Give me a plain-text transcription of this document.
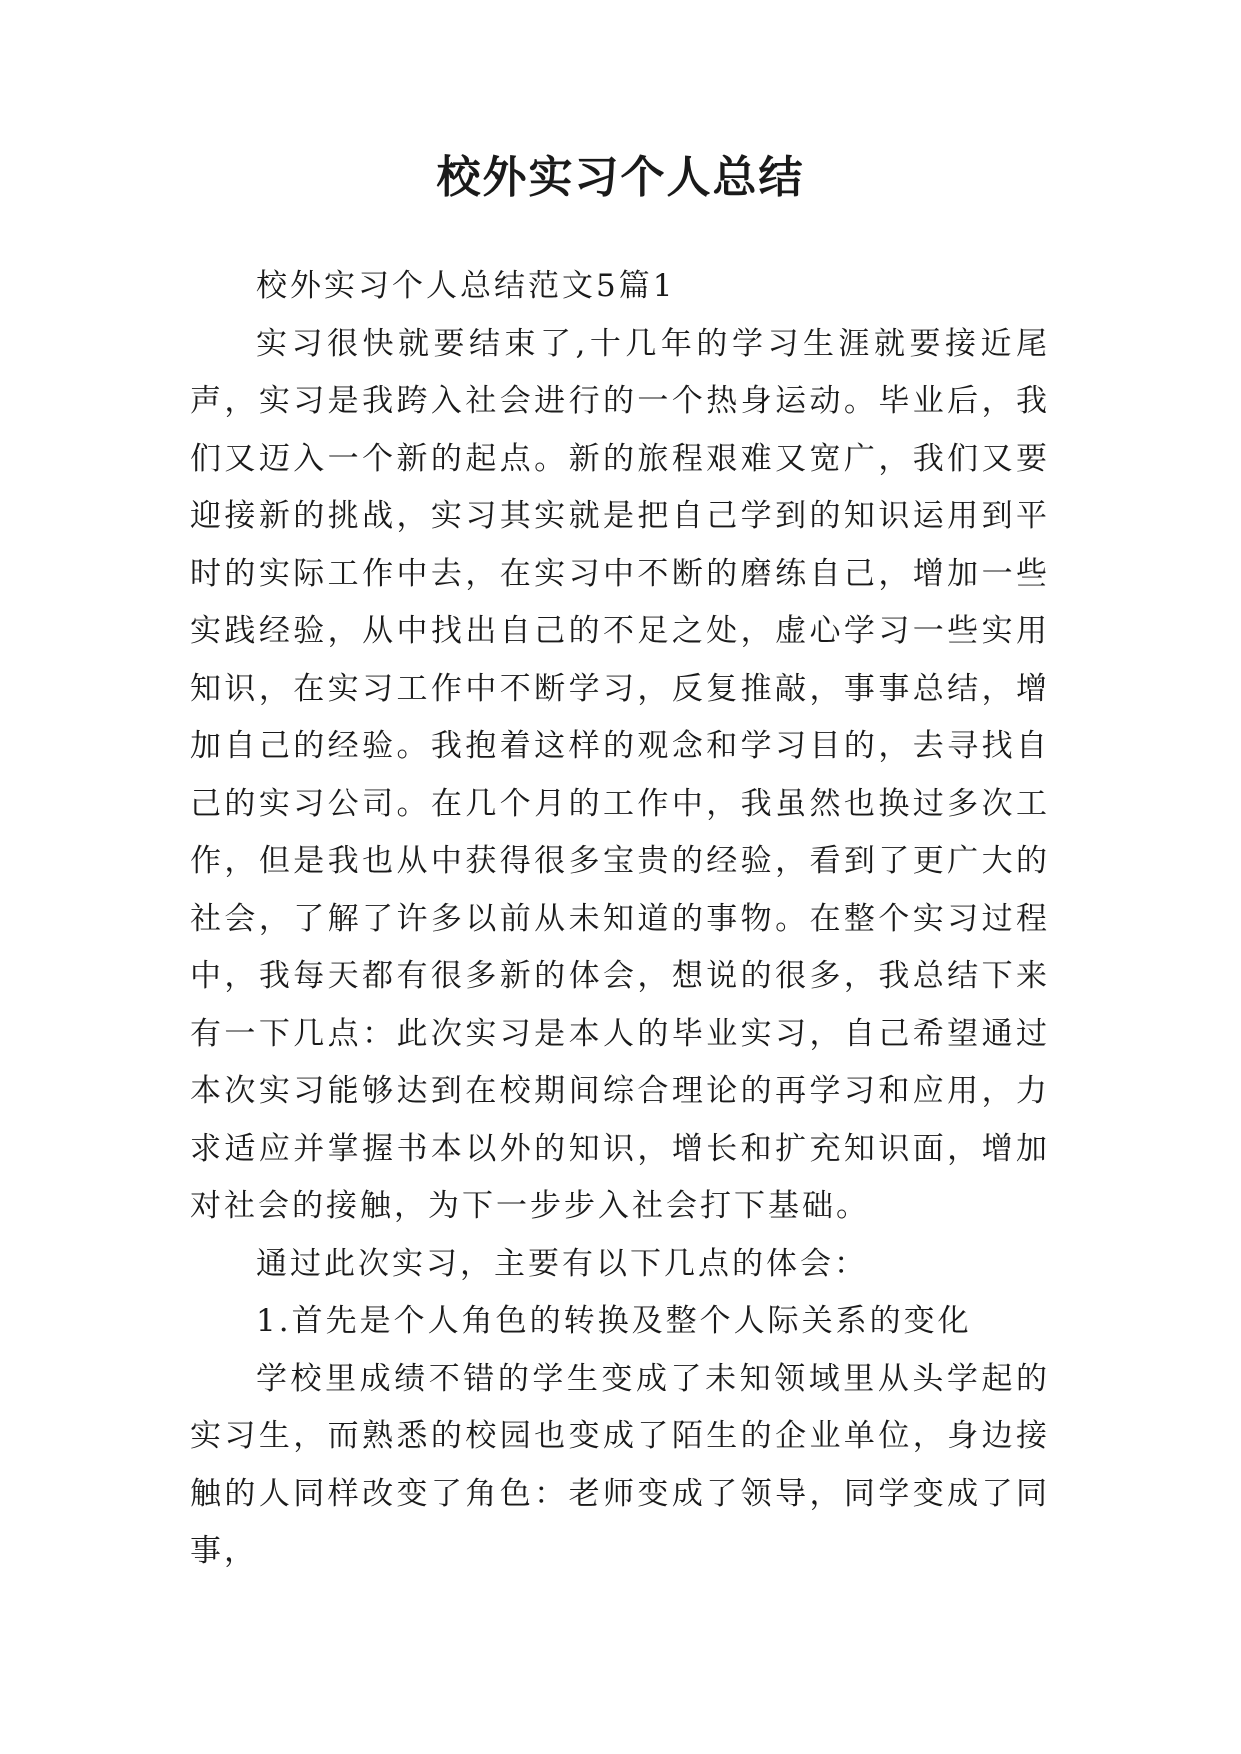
校外实习个人总结

校外实习个人总结范文5篇1

实习很快就要结束了,十几年的学习生涯就要接近尾声，实习是我跨入社会进行的一个热身运动。毕业后，我们又迈入一个新的起点。新的旅程艰难又宽广，我们又要迎接新的挑战，实习其实就是把自己学到的知识运用到平时的实际工作中去，在实习中不断的磨练自己，增加一些实践经验，从中找出自己的不足之处，虚心学习一些实用知识，在实习工作中不断学习，反复推敲，事事总结，增加自己的经验。我抱着这样的观念和学习目的，去寻找自己的实习公司。在几个月的工作中，我虽然也换过多次工作，但是我也从中获得很多宝贵的经验，看到了更广大的社会，了解了许多以前从未知道的事物。在整个实习过程中，我每天都有很多新的体会，想说的很多，我总结下来有一下几点：此次实习是本人的毕业实习，自己希望通过本次实习能够达到在校期间综合理论的再学习和应用，力求适应并掌握书本以外的知识，增长和扩充知识面，增加对社会的接触，为下一步步入社会打下基础。

通过此次实习，主要有以下几点的体会：

1.首先是个人角色的转换及整个人际关系的变化

学校里成绩不错的学生变成了未知领域里从头学起的实习生，而熟悉的校园也变成了陌生的企业单位，身边接触的人同样改变了角色：老师变成了领导，同学变成了同事，
